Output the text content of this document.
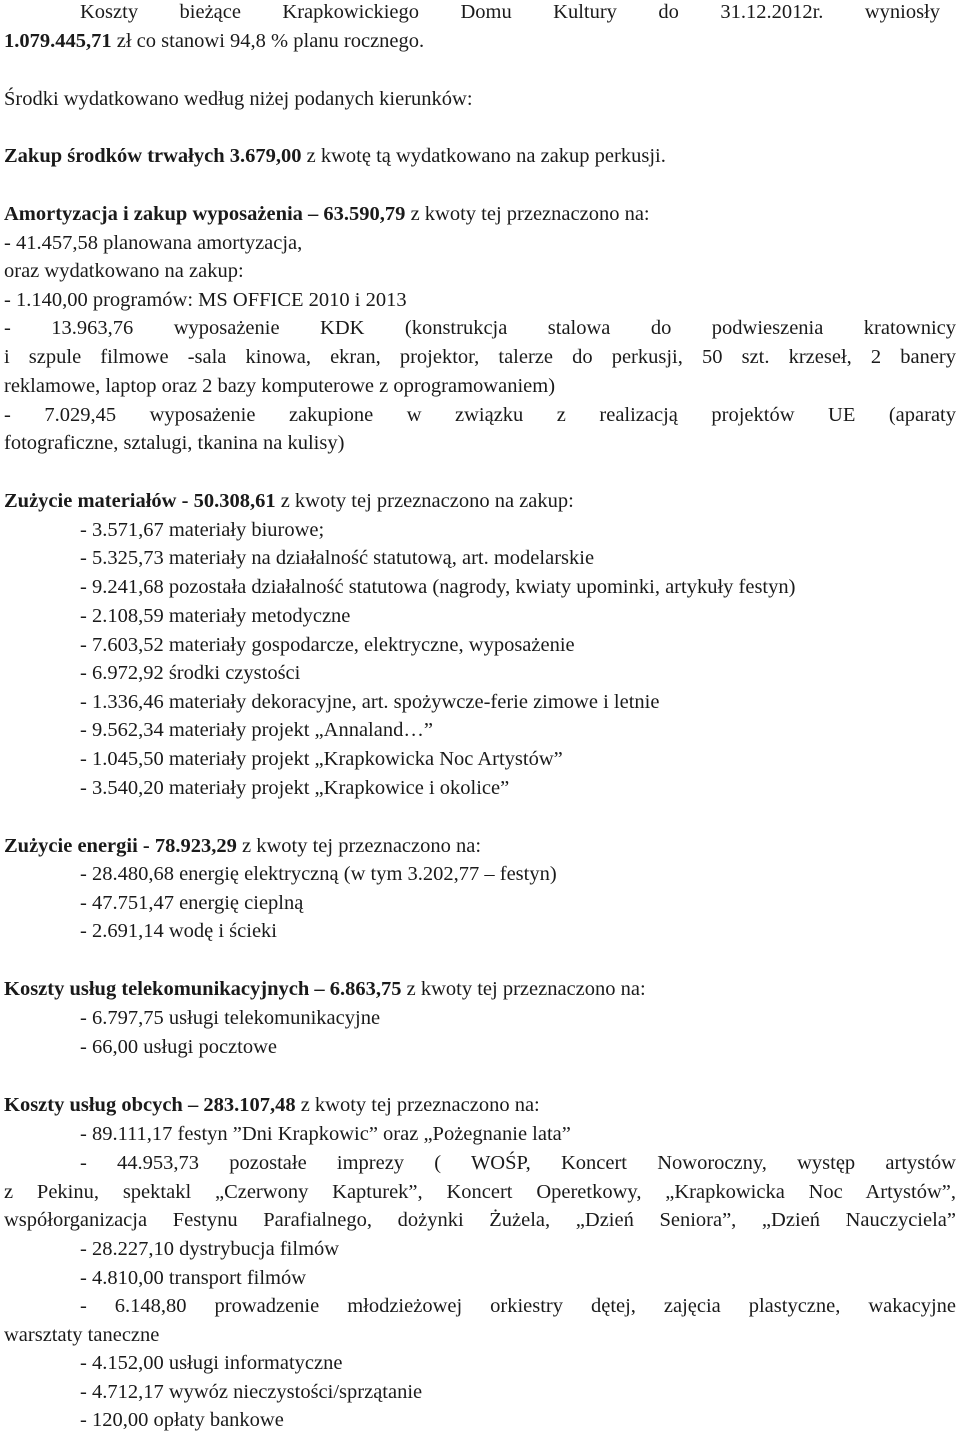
Koszty bieżące Krapkowickiego Domu Kultury do 31.12.2012r. wyniosły
1.079.445,71 zł co stanowi 94,8 % planu rocznego.
Środki wydatkowano według niżej podanych kierunków:
Zakup środków trwałych 3.679,00 z kwotę tą wydatkowano na zakup perkusji.
Amortyzacja i zakup wyposażenia – 63.590,79 z kwoty tej przeznaczono na:
- 41.457,58 planowana amortyzacja,
oraz wydatkowano na zakup:
- 1.140,00 programów: MS OFFICE 2010 i 2013
- 13.963,76 wyposażenie KDK (konstrukcja stalowa do podwieszenia kratownicy
i szpule filmowe -sala kinowa, ekran, projektor, talerze do perkusji, 50 szt. krzeseł, 2 banery
reklamowe, laptop oraz 2 bazy komputerowe z oprogramowaniem)
- 7.029,45 wyposażenie zakupione w związku z realizacją projektów UE (aparaty
fotograficzne, sztalugi, tkanina na kulisy)
Zużycie materiałów - 50.308,61 z kwoty tej przeznaczono na zakup:
- 3.571,67 materiały biurowe;
- 5.325,73 materiały na działalność statutową, art. modelarskie
- 9.241,68 pozostała działalność statutowa (nagrody, kwiaty upominki, artykuły festyn)
- 2.108,59 materiały metodyczne
- 7.603,52 materiały gospodarcze, elektryczne, wyposażenie
- 6.972,92 środki czystości
- 1.336,46 materiały dekoracyjne, art. spożywcze-ferie zimowe i letnie
- 9.562,34 materiały projekt „Annaland…”
- 1.045,50 materiały projekt „Krapkowicka Noc Artystów”
- 3.540,20 materiały projekt „Krapkowice i okolice”
Zużycie energii - 78.923,29 z kwoty tej przeznaczono na:
- 28.480,68 energię elektryczną (w tym 3.202,77 – festyn)
- 47.751,47 energię cieplną
- 2.691,14 wodę i ścieki
Koszty usług telekomunikacyjnych – 6.863,75 z kwoty tej przeznaczono na:
- 6.797,75 usługi telekomunikacyjne
- 66,00 usługi pocztowe
Koszty usług obcych – 283.107,48 z kwoty tej przeznaczono na:
- 89.111,17 festyn ”Dni Krapkowic” oraz „Pożegnanie lata”
- 44.953,73 pozostałe imprezy ( WOŚP, Koncert Noworoczny, występ artystów
z Pekinu, spektakl „Czerwony Kapturek”, Koncert Operetkowy, „Krapkowicka Noc Artystów”,
współorganizacja Festynu Parafialnego, dożynki Żużela, „Dzień Seniora”, „Dzień Nauczyciela”
- 28.227,10 dystrybucja filmów
- 4.810,00 transport filmów
- 6.148,80 prowadzenie młodzieżowej orkiestry dętej, zajęcia plastyczne, wakacyjne
warsztaty taneczne
- 4.152,00 usługi informatyczne
- 4.712,17 wywóz nieczystości/sprzątanie
- 120,00 opłaty bankowe
